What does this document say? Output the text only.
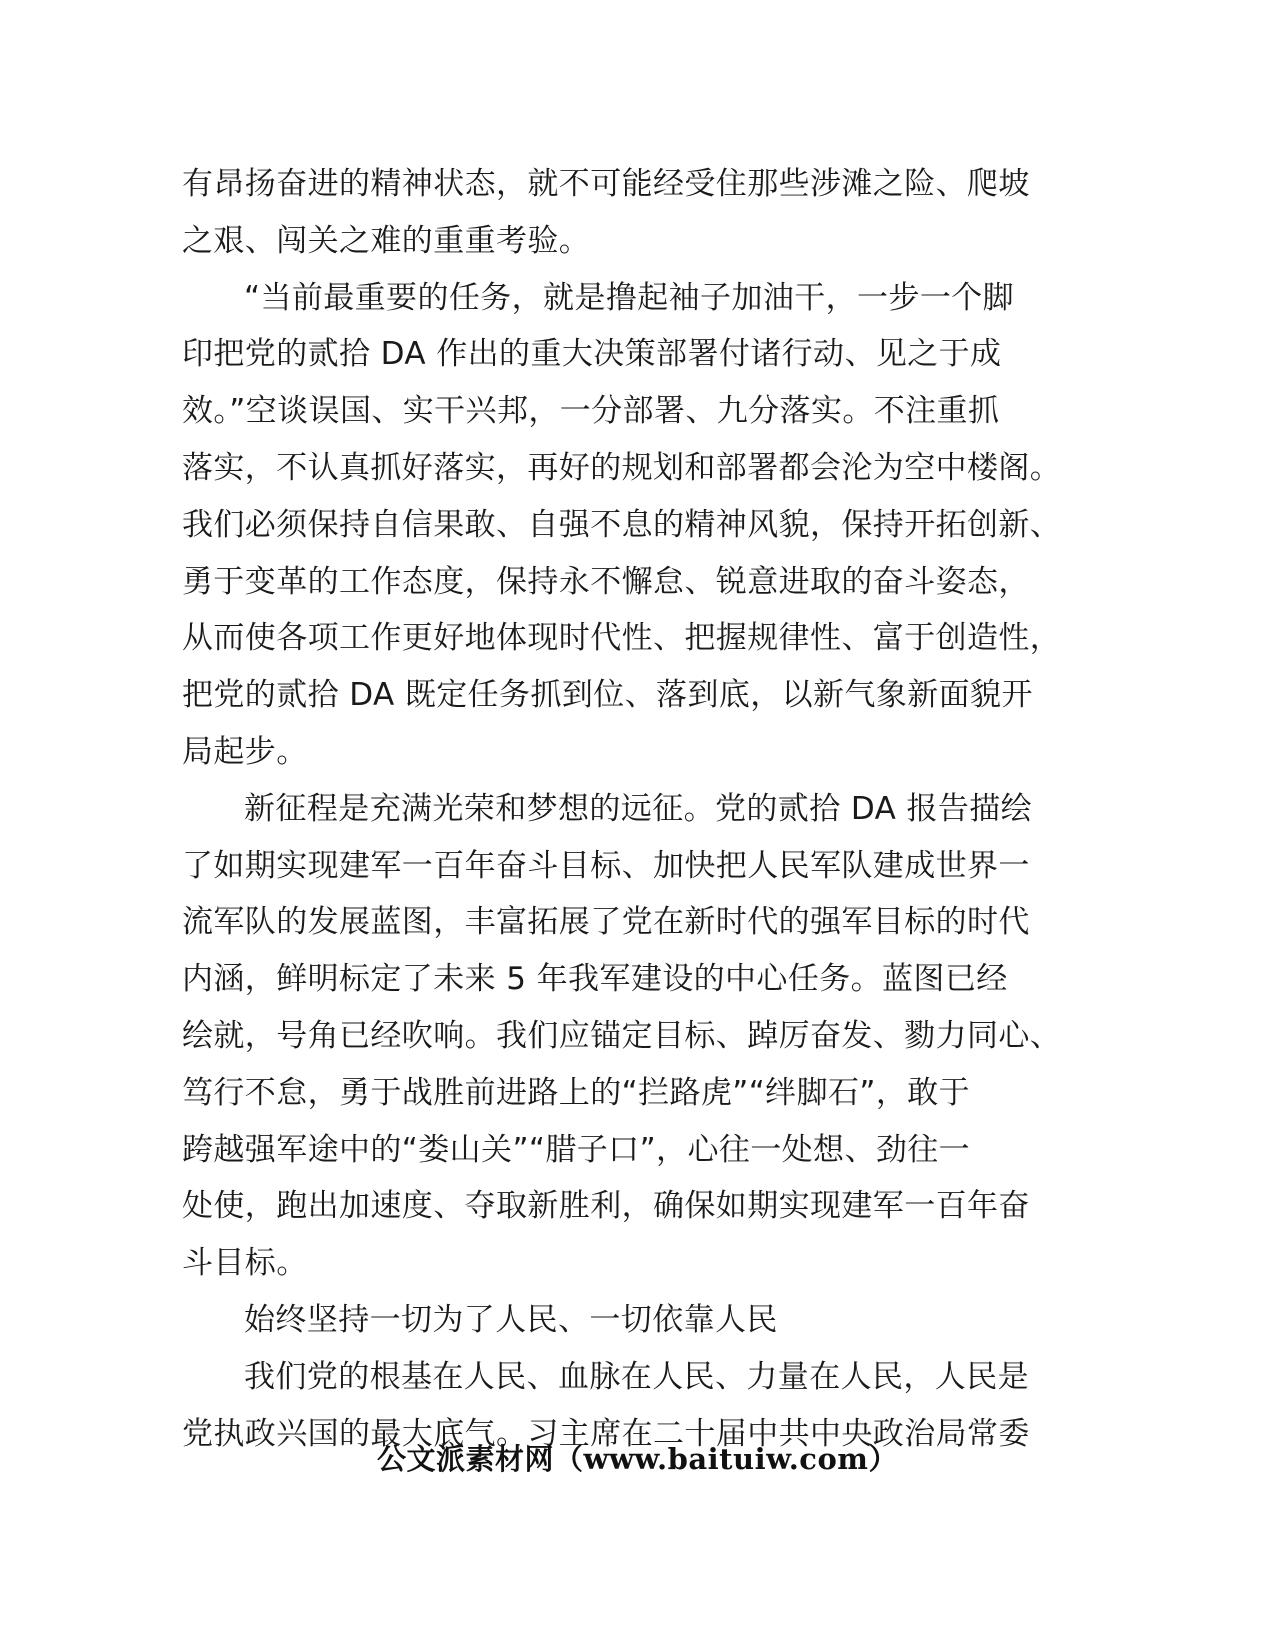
有昂扬奋进的精神状态，就不可能经受住那些涉滩之险、爬坡
之艰、闯关之难的重重考验。
“当前最重要的任务，就是撸起袖子加油干，一步一个脚
印把党的贰拾 DA 作出的重大决策部署付诸行动、见之于成
效。”空谈误国、实干兴邦，一分部署、九分落实。不注重抓
落实，不认真抓好落实，再好的规划和部署都会沦为空中楼阁。
我们必须保持自信果敢、自强不息的精神风貌，保持开拓创新、
勇于变革的工作态度，保持永不懈怠、锐意进取的奋斗姿态，
从而使各项工作更好地体现时代性、把握规律性、富于创造性，
把党的贰拾 DA 既定任务抓到位、落到底，以新气象新面貌开
局起步。
新征程是充满光荣和梦想的远征。党的贰拾 DA 报告描绘
了如期实现建军一百年奋斗目标、加快把人民军队建成世界一
流军队的发展蓝图，丰富拓展了党在新时代的强军目标的时代
内涵，鲜明标定了未来 5 年我军建设的中心任务。蓝图已经
绘就，号角已经吹响。我们应锚定目标、踔厉奋发、勠力同心、
笃行不怠，勇于战胜前进路上的“拦路虎”“绊脚石”，敢于
跨越强军途中的“娄山关”“腊子口”，心往一处想、劲往一
处使，跑出加速度、夺取新胜利，确保如期实现建军一百年奋
斗目标。
始终坚持一切为了人民、一切依靠人民
我们党的根基在人民、血脉在人民、力量在人民，人民是
党执政兴国的最大底气。习主席在二十届中共中央政治局常委
公文派素材网（www.baituiw.com）
